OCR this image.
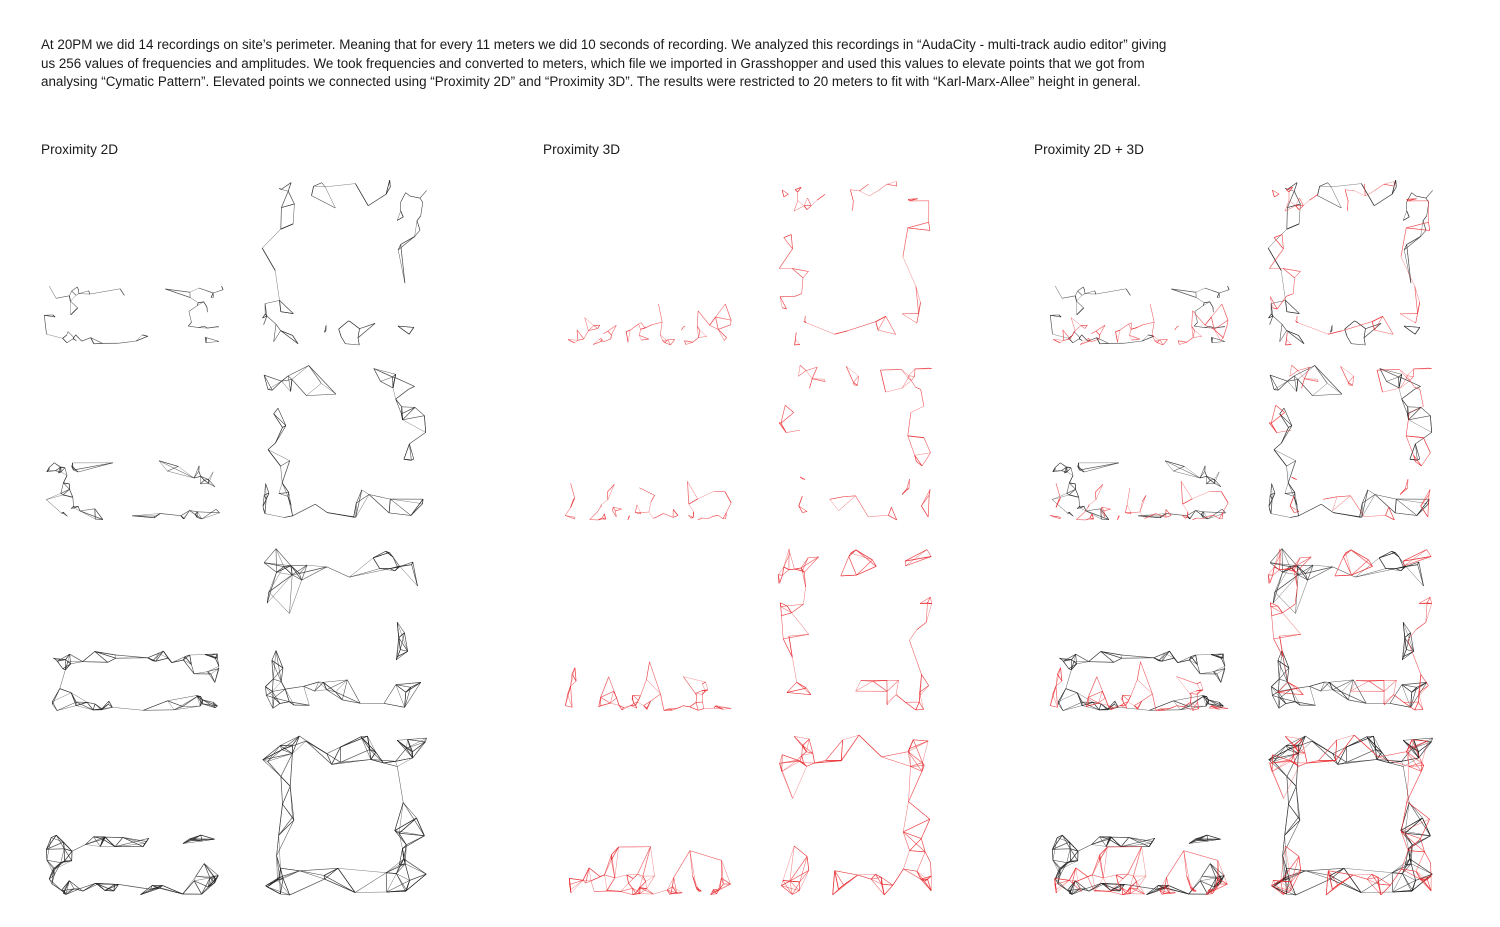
At 20PM we did 14 recordings on site’s perimeter. Meaning that for every 11 meters we did 10 seconds of recording. We analyzed this recordings in “AudaCity - multi-track audio editor” giving us 256 values of frequencies and amplitudes. We took frequencies and converted to meters, which file we imported in Grasshopper and used this values to elevate points that we got from analysing “Cymatic Pattern”. Elevated points we connected using “Proximity 2D” and “Proximity 3D”. The results were restricted to 20 meters to fit with “Karl-Marx-Allee” height in general.

Proximity 2D	Proximity 3D	Proximity 2D + 3D
